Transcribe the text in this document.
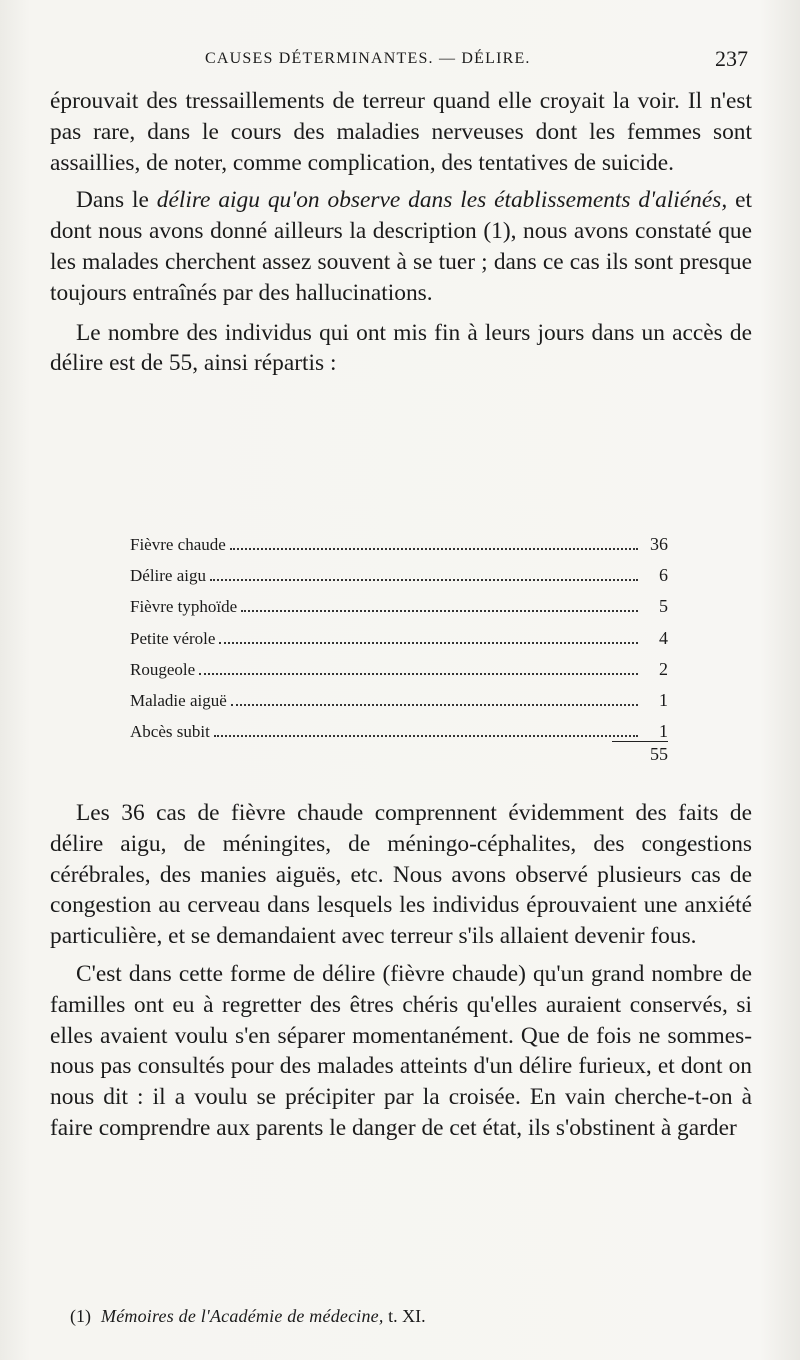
CAUSES DÉTERMINANTES. — DÉLIRE.	237

éprouvait des tressaillements de terreur quand elle croyait la voir. Il n'est pas rare, dans le cours des maladies nerveuses dont les femmes sont assaillies, de noter, comme complication, des tentatives de suicide.

Dans le délire aigu qu'on observe dans les établissements d'aliénés, et dont nous avons donné ailleurs la description (1), nous avons constaté que les malades cherchent assez souvent à se tuer ; dans ce cas ils sont presque toujours entraînés par des hallucinations.

Le nombre des individus qui ont mis fin à leurs jours dans un accès de délire est de 55, ainsi répartis :

Fièvre chaude	36
Délire aigu	6
Fièvre typhoïde	5
Petite vérole	4
Rougeole	2
Maladie aiguë	1
Abcès subit	1
55

Les 36 cas de fièvre chaude comprennent évidemment des faits de délire aigu, de méningites, de méningo-céphalites, des congestions cérébrales, des manies aiguës, etc. Nous avons observé plusieurs cas de congestion au cerveau dans lesquels les individus éprouvaient une anxiété particulière, et se demandaient avec terreur s'ils allaient devenir fous.

C'est dans cette forme de délire (fièvre chaude) qu'un grand nombre de familles ont eu à regretter des êtres chéris qu'elles auraient conservés, si elles avaient voulu s'en séparer momentanément. Que de fois ne sommes-nous pas consultés pour des malades atteints d'un délire furieux, et dont on nous dit : il a voulu se précipiter par la croisée. En vain cherche-t-on à faire comprendre aux parents le danger de cet état, ils s'obstinent à garder

(1) Mémoires de l'Académie de médecine, t. XI.
